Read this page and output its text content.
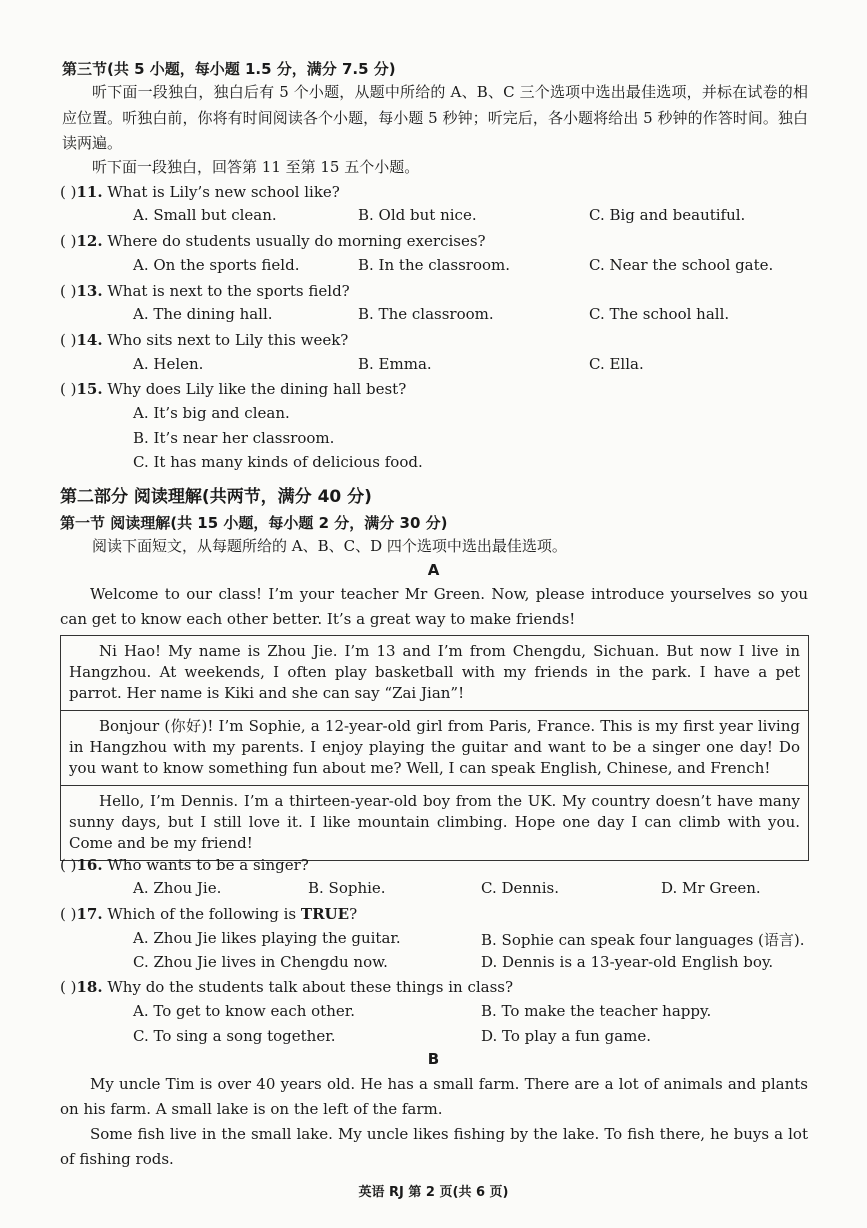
第三节(共 5 小题，每小题 1.5 分，满分 7.5 分)
听下面一段独白，独白后有 5 个小题，从题中所给的 A、B、C 三个选项中选出最佳选项，并标在试卷的相应位置。听独白前，你将有时间阅读各个小题，每小题 5 秒钟；听完后，各小题将给出 5 秒钟的作答时间。独白读两遍。
听下面一段独白，回答第 11 至第 15 五个小题。
( )11. What is Lily’s new school like?
A. Small but clean.	B. Old but nice.	C. Big and beautiful.
( )12. Where do students usually do morning exercises?
A. On the sports field.	B. In the classroom.	C. Near the school gate.
( )13. What is next to the sports field?
A. The dining hall.	B. The classroom.	C. The school hall.
( )14. Who sits next to Lily this week?
A. Helen.	B. Emma.	C. Ella.
( )15. Why does Lily like the dining hall best?
A. It’s big and clean.
B. It’s near her classroom.
C. It has many kinds of delicious food.
第二部分 阅读理解(共两节，满分 40 分)
第一节 阅读理解(共 15 小题，每小题 2 分，满分 30 分)
阅读下面短文，从每题所给的 A、B、C、D 四个选项中选出最佳选项。
A
Welcome to our class! I’m your teacher Mr Green. Now, please introduce yourselves so you can get to know each other better. It’s a great way to make friends!
Ni Hao! My name is Zhou Jie. I’m 13 and I’m from Chengdu, Sichuan. But now I live in Hangzhou. At weekends, I often play basketball with my friends in the park. I have a pet parrot. Her name is Kiki and she can say “Zai Jian”!
Bonjour (你好)! I’m Sophie, a 12-year-old girl from Paris, France. This is my first year living in Hangzhou with my parents. I enjoy playing the guitar and want to be a singer one day! Do you want to know something fun about me? Well, I can speak English, Chinese, and French!
Hello, I’m Dennis. I’m a thirteen-year-old boy from the UK. My country doesn’t have many sunny days, but I still love it. I like mountain climbing. Hope one day I can climb with you. Come and be my friend!
( )16. Who wants to be a singer?
A. Zhou Jie.	B. Sophie.	C. Dennis.	D. Mr Green.
( )17. Which of the following is TRUE?
A. Zhou Jie likes playing the guitar.	B. Sophie can speak four languages (语言).
C. Zhou Jie lives in Chengdu now.	D. Dennis is a 13-year-old English boy.
( )18. Why do the students talk about these things in class?
A. To get to know each other.	B. To make the teacher happy.
C. To sing a song together.	D. To play a fun game.
B
My uncle Tim is over 40 years old. He has a small farm. There are a lot of animals and plants on his farm. A small lake is on the left of the farm.
Some fish live in the small lake. My uncle likes fishing by the lake. To fish there, he buys a lot of fishing rods.
英语 RJ 第 2 页(共 6 页)
